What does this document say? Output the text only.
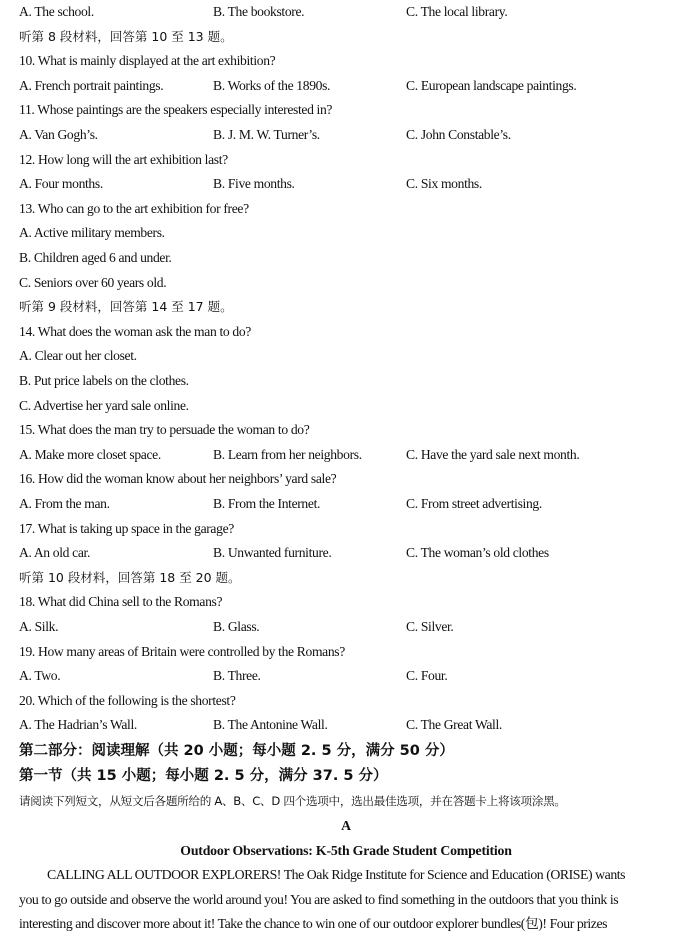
A. The school.	B. The bookstore.	C. The local library.
听第 8 段材料，回答第 10 至 13 题。
10. What is mainly displayed at the art exhibition?
A. French portrait paintings.	B. Works of the 1890s.	C. European landscape paintings.
11. Whose paintings are the speakers especially interested in?
A. Van Gogh’s.	B. J. M. W. Turner’s.	C. John Constable’s.
12. How long will the art exhibition last?
A. Four months.	B. Five months.	C. Six months.
13. Who can go to the art exhibition for free?
A. Active military members.
B. Children aged 6 and under.
C. Seniors over 60 years old.
听第 9 段材料，回答第 14 至 17 题。
14. What does the woman ask the man to do?
A. Clear out her closet.
B. Put price labels on the clothes.
C. Advertise her yard sale online.
15. What does the man try to persuade the woman to do?
A. Make more closet space.	B. Learn from her neighbors.	C. Have the yard sale next month.
16. How did the woman know about her neighbors’ yard sale?
A. From the man.	B. From the Internet.	C. From street advertising.
17. What is taking up space in the garage?
A. An old car.	B. Unwanted furniture.	C. The woman’s old clothes
听第 10 段材料，回答第 18 至 20 题。
18. What did China sell to the Romans?
A. Silk.	B. Glass.	C. Silver.
19. How many areas of Britain were controlled by the Romans?
A. Two.	B. Three.	C. Four.
20. Which of the following is the shortest?
A. The Hadrian’s Wall.	B. The Antonine Wall.	C. The Great Wall.
第二部分：阅读理解（共 20 小题；每小题 2. 5 分，满分 50 分）
第一节（共 15 小题；每小题 2. 5 分，满分 37. 5 分）
请阅读下列短文，从短文后各题所给的 A、B、C、D 四个选项中，选出最佳选项，并在答题卡上将该项涂黑。
A
Outdoor Observations: K-5th Grade Student Competition
CALLING ALL OUTDOOR EXPLORERS! The Oak Ridge Institute for Science and Education (ORISE) wants
you to go outside and observe the world around you! You are asked to find something in the outdoors that you think is
interesting and discover more about it! Take the chance to win one of our outdoor explorer bundles(包)! Four prizes
